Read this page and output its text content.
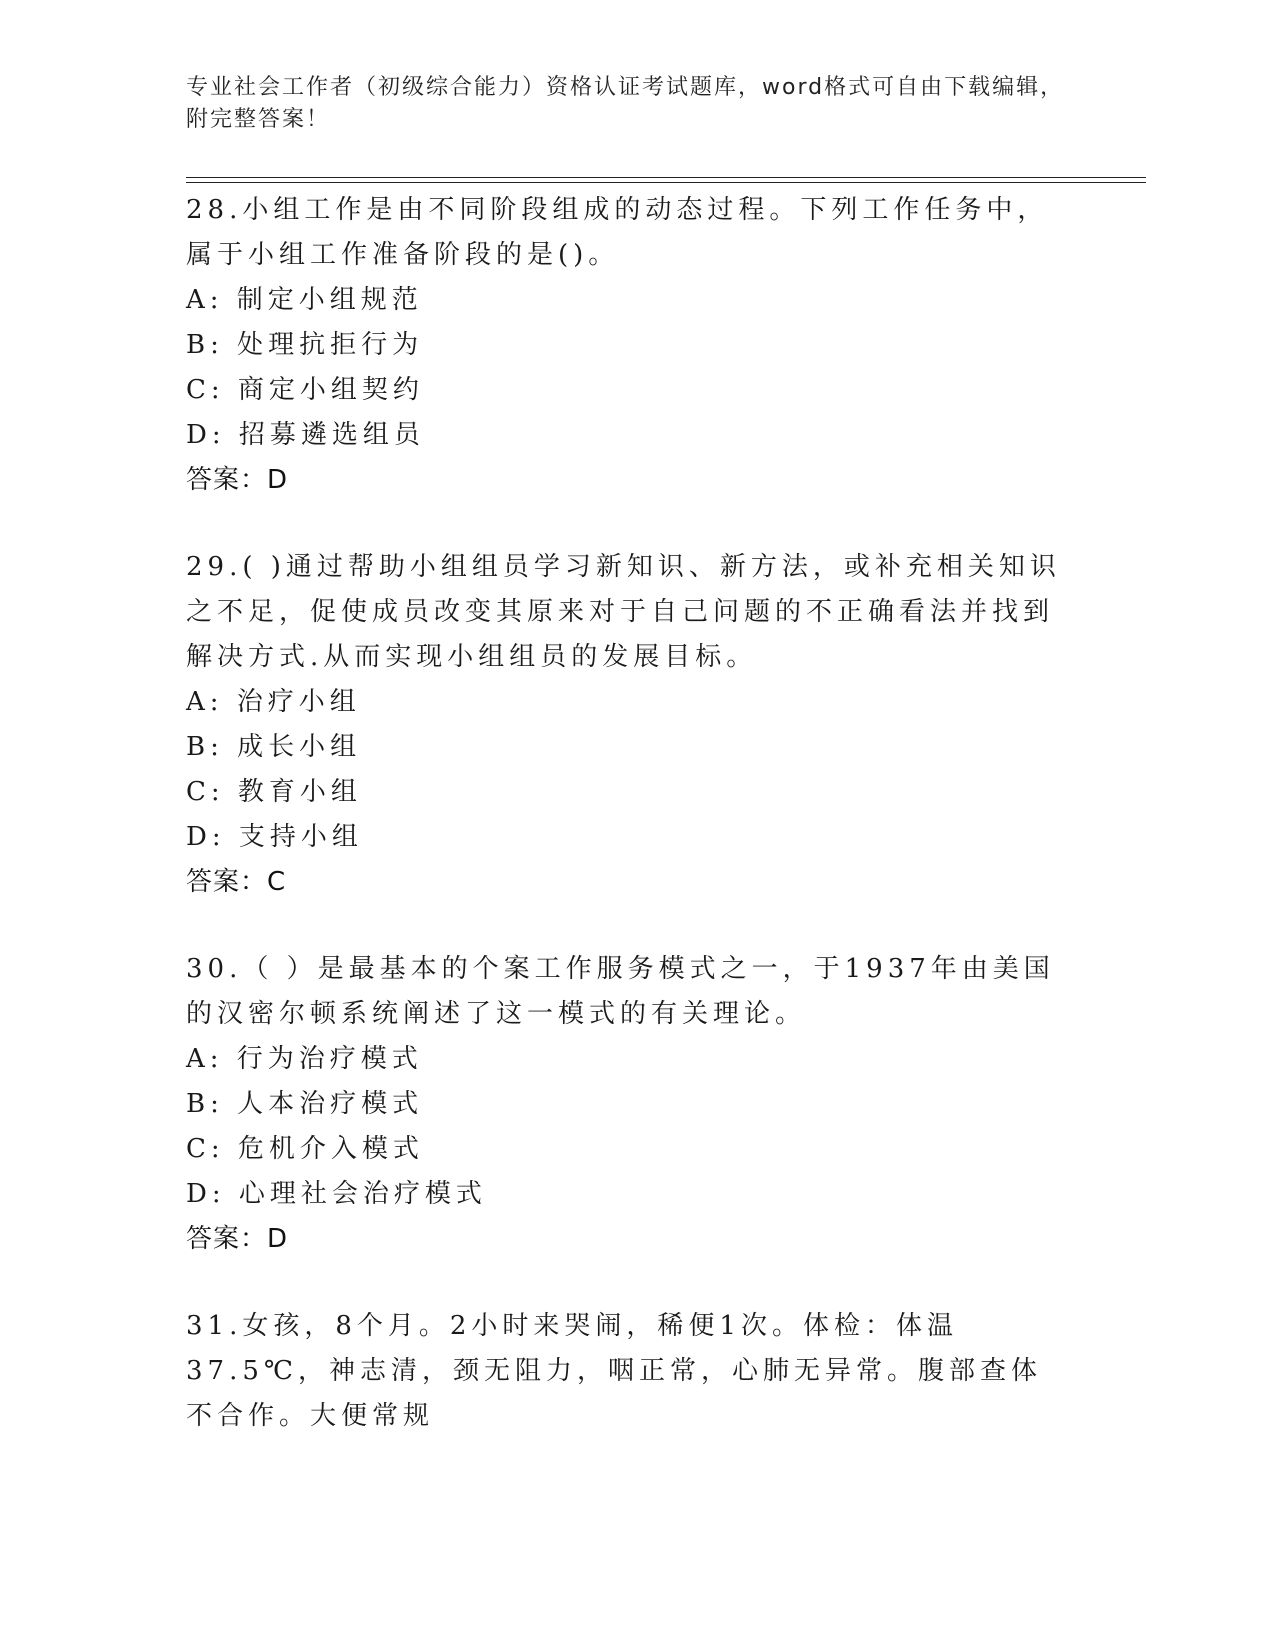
专业社会工作者（初级综合能力）资格认证考试题库，word格式可自由下载编辑，附完整答案！

28.小组工作是由不同阶段组成的动态过程。下列工作任务中，属于小组工作准备阶段的是()。

A: 制定小组规范

B: 处理抗拒行为

C: 商定小组契约

D: 招募遴选组员

答案：D

29.( )通过帮助小组组员学习新知识、新方法，或补充相关知识之不足，促使成员改变其原来对于自己问题的不正确看法并找到解决方式.从而实现小组组员的发展目标。

A: 治疗小组

B: 成长小组

C: 教育小组

D: 支持小组

答案：C

30.（ ）是最基本的个案工作服务模式之一，于1937年由美国的汉密尔顿系统阐述了这一模式的有关理论。

A: 行为治疗模式

B: 人本治疗模式

C: 危机介入模式

D: 心理社会治疗模式

答案：D

31.女孩，8个月。2小时来哭闹，稀便1次。体检：体温37.5℃，神志清，颈无阻力，咽正常，心肺无异常。腹部查体不合作。大便常规
